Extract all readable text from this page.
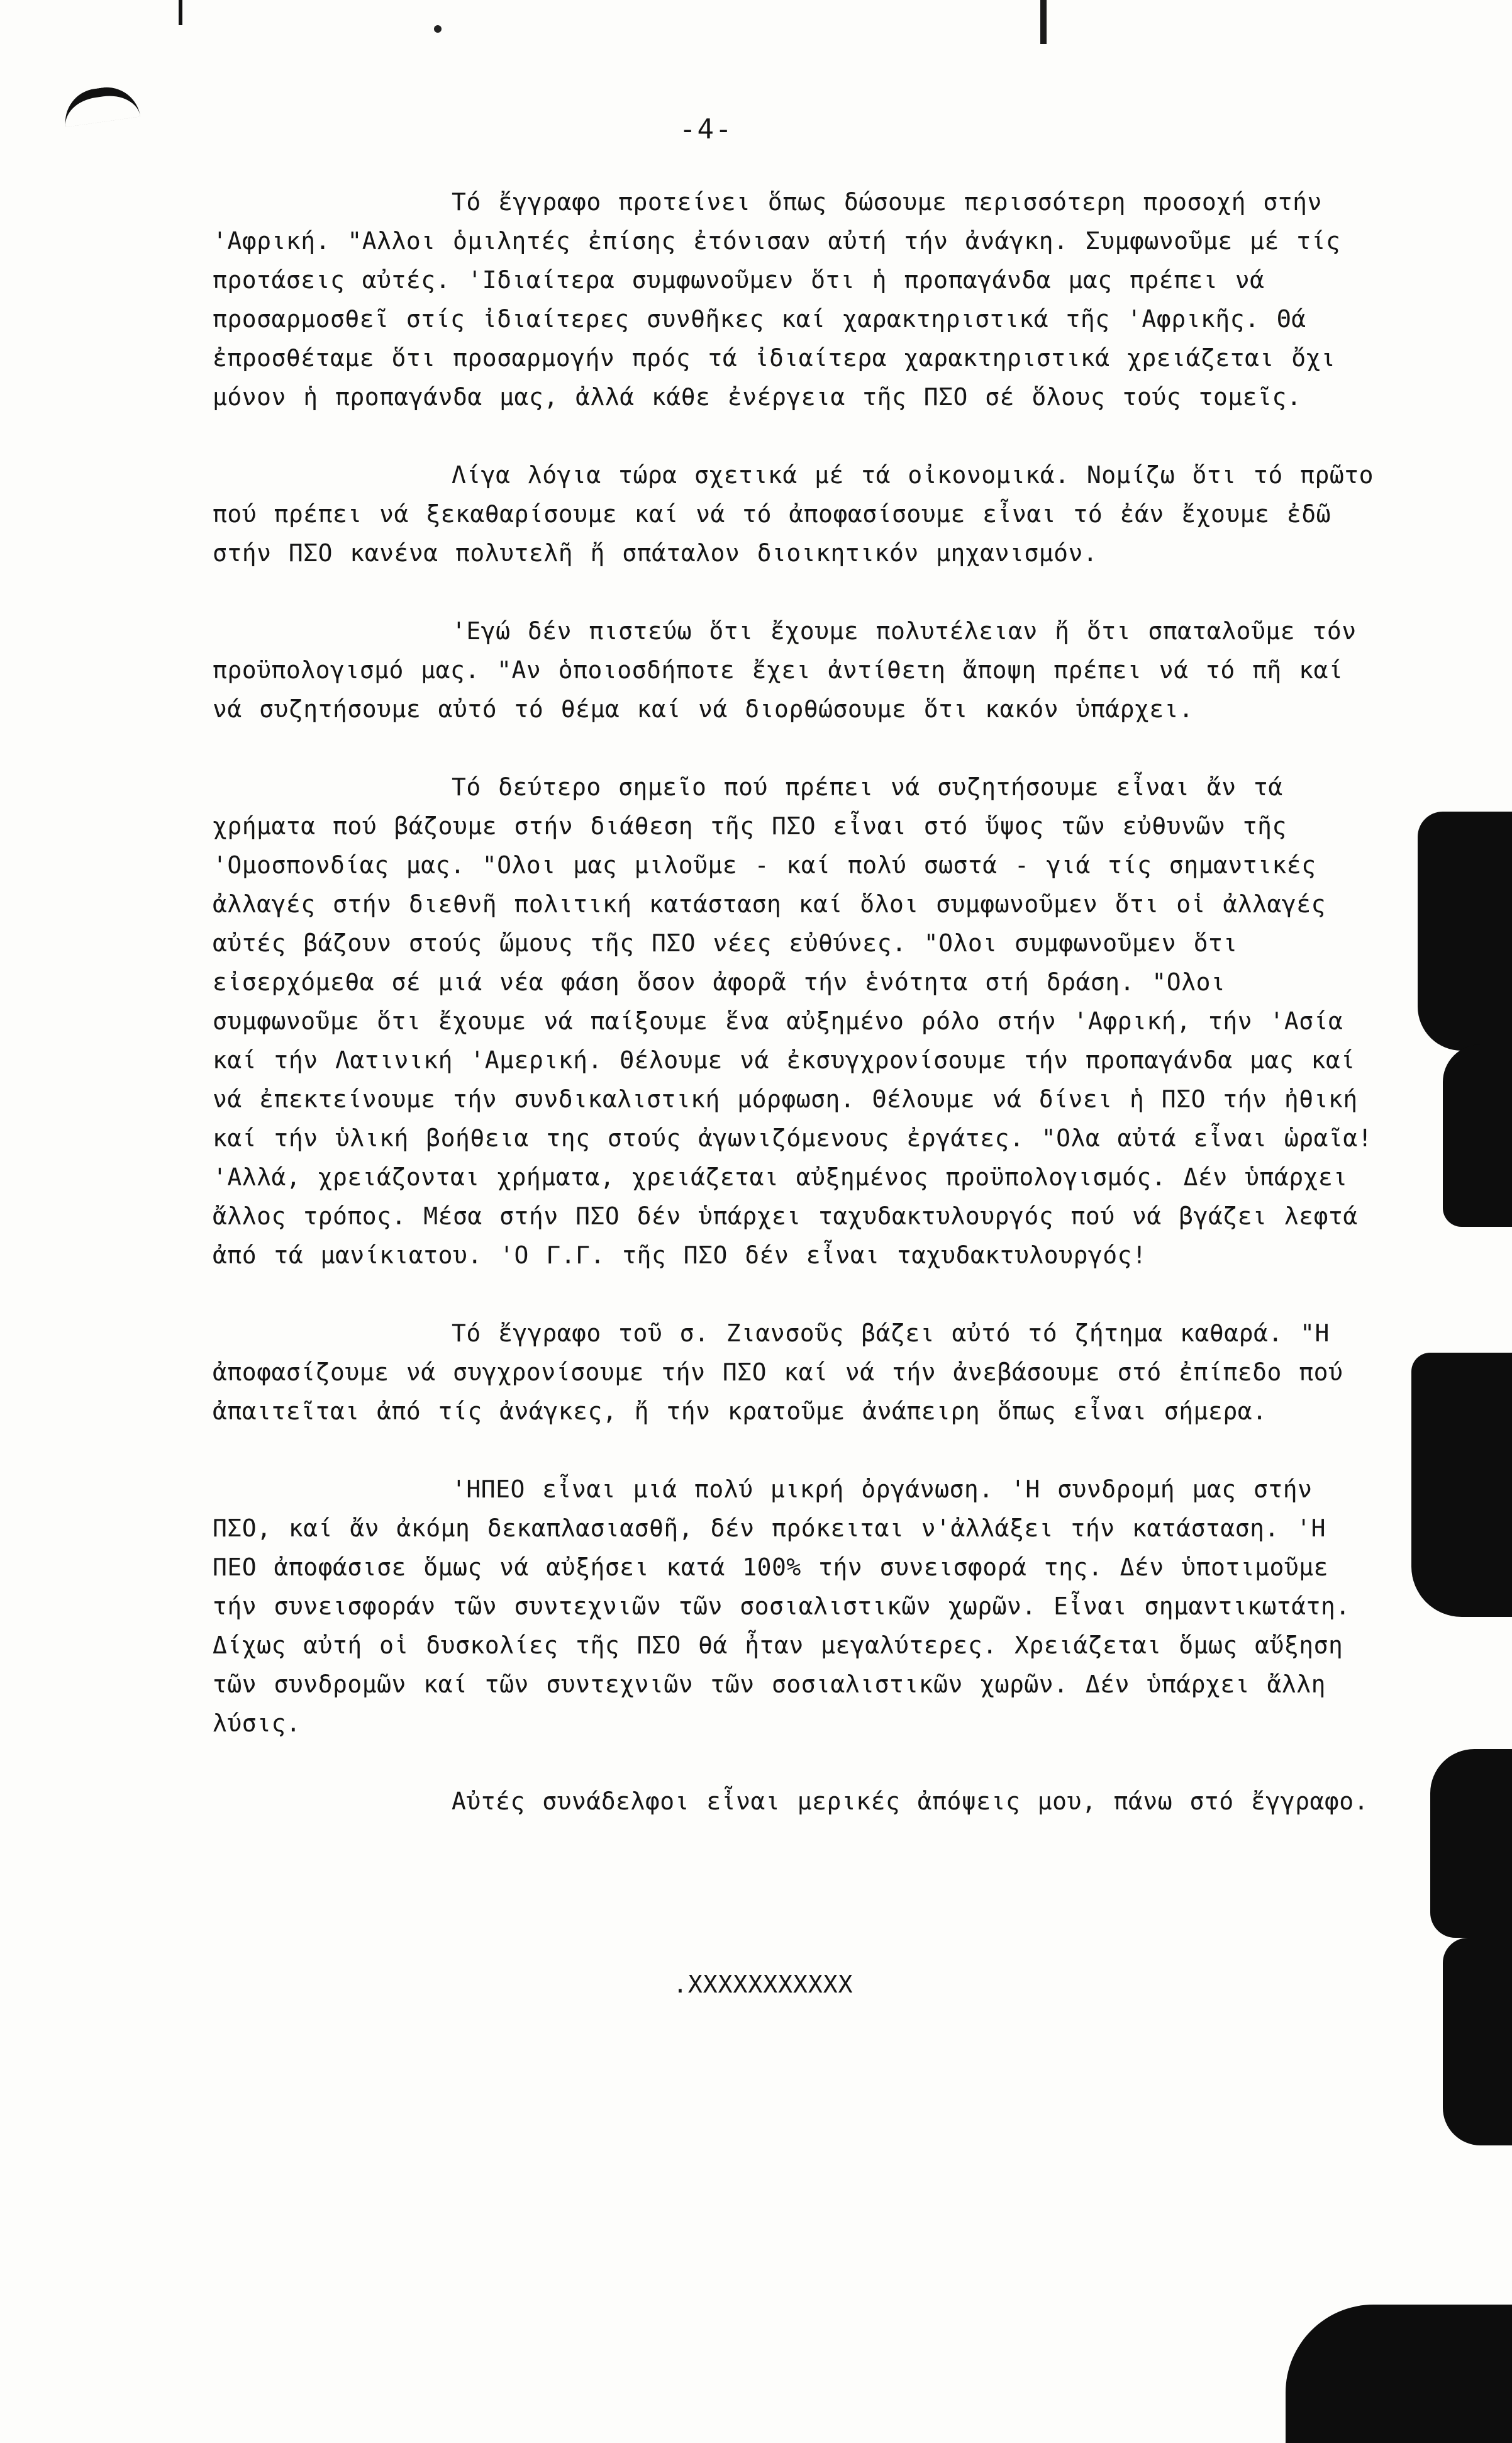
-4-

Τό ἔγγραφο προτείνει ὅπως δώσουμε περισσότερη προσοχή στήν 'Αφρική. "Αλλοι ὁμιλητές ἐπίσης ἐτόνισαν αὐτή τήν ἀνάγκη. Συμφωνοῦμε μέ τίς προτάσεις αὐτές. 'Ιδιαίτερα συμφωνοῦμεν ὅτι ἡ προπαγάνδα μας πρέπει νά προσαρμοσθεῖ στίς ἰδιαίτερες συνθῆκες καί χαρακτηριστικά τῆς 'Αφρικῆς. Θά ἐπροσθέταμε ὅτι προσαρμογήν πρός τά ἰδιαίτερα χαρακτηριστικά χρειάζεται ὄχι μόνον ἡ προπαγάνδα μας, ἀλλά κάθε ἐνέργεια τῆς ΠΣΟ σέ ὅλους τούς τομεῖς.

Λίγα λόγια τώρα σχετικά μέ τά οἰκονομικά. Νομίζω ὅτι τό πρῶτο πού πρέπει νά ξεκαθαρίσουμε καί νά τό ἀποφασίσουμε εἶναι τό ἐάν ἔχουμε ἐδῶ στήν ΠΣΟ κανένα πολυτελῆ ἤ σπάταλον διοικητικόν μηχανισμόν.

'Εγώ δέν πιστεύω ὅτι ἔχουμε πολυτέλειαν ἤ ὅτι σπαταλοῦμε τόν προϋπολογισμό μας. "Αν ὁποιοσδήποτε ἔχει ἀντίθετη ἄποψη πρέπει νά τό πῆ καί νά συζητήσουμε αὐτό τό θέμα καί νά διορθώσουμε ὅτι κακόν ὑπάρχει.

Τό δεύτερο σημεῖο πού πρέπει νά συζητήσουμε εἶναι ἄν τά χρήματα πού βάζουμε στήν διάθεση τῆς ΠΣΟ εἶναι στό ὕψος τῶν εὐθυνῶν τῆς 'Ομοσπονδίας μας. "Ολοι μας μιλοῦμε - καί πολύ σωστά - γιά τίς σημαντικές ἀλλαγές στήν διεθνῆ πολιτική κατάσταση καί ὅλοι συμφωνοῦμεν ὅτι οἱ ἀλλαγές αὐτές βάζουν στούς ὤμους τῆς ΠΣΟ νέες εὐθύνες. "Ολοι συμφωνοῦμεν ὅτι εἰσερχόμεθα σέ μιά νέα φάση ὅσον ἀφορᾶ τήν ἑνότητα στή δράση. "Ολοι συμφωνοῦμε ὅτι ἔχουμε νά παίξουμε ἕνα αὐξημένο ρόλο στήν 'Αφρική, τήν 'Ασία καί τήν Λατινική 'Αμερική. Θέλουμε νά ἐκσυγχρονίσουμε τήν προπαγάνδα μας καί νά ἐπεκτείνουμε τήν συνδικαλιστική μόρφωση. Θέλουμε νά δίνει ἡ ΠΣΟ τήν ἠθική καί τήν ὑλική βοήθεια της στούς ἀγωνιζόμενους ἐργάτες. "Ολα αὐτά εἶναι ὡραῖα! 'Αλλά, χρειάζονται χρήματα, χρειάζεται αὐξημένος προϋπολογισμός. Δέν ὑπάρχει ἄλλος τρόπος. Μέσα στήν ΠΣΟ δέν ὑπάρχει ταχυδακτυλουργός πού νά βγάζει λεφτά ἀπό τά μανίκιατου. 'Ο Γ.Γ. τῆς ΠΣΟ δέν εἶναι ταχυδακτυλουργός!

Τό ἔγγραφο τοῦ σ. Ζιανσοῦς βάζει αὐτό τό ζήτημα καθαρά. "Η ἀποφασίζουμε νά συγχρονίσουμε τήν ΠΣΟ καί νά τήν ἀνεβάσουμε στό ἐπίπεδο πού ἀπαιτεῖται ἀπό τίς ἀνάγκες, ἤ τήν κρατοῦμε ἀνάπειρη ὅπως εἶναι σήμερα.

'ΗΠΕΟ εἶναι μιά πολύ μικρή ὀργάνωση. 'Η συνδρομή μας στήν ΠΣΟ, καί ἄν ἀκόμη δεκαπλασιασθῆ, δέν πρόκειται ν'ἀλλάξει τήν κατάσταση. 'Η ΠΕΟ ἀποφάσισε ὅμως νά αὐξήσει κατά 100% τήν συνεισφορά της. Δέν ὑποτιμοῦμε τήν συνεισφοράν τῶν συντεχνιῶν τῶν σοσιαλιστικῶν χωρῶν. Εἶναι σημαντικωτάτη. Δίχως αὐτή οἱ δυσκολίες τῆς ΠΣΟ θά ἦταν μεγαλύτερες. Χρειάζεται ὅμως αὔξηση τῶν συνδρομῶν καί τῶν συντεχνιῶν τῶν σοσιαλιστικῶν χωρῶν. Δέν ὑπάρχει ἄλλη λύσις.

Αὐτές συνάδελφοι εἶναι μερικές ἀπόψεις μου, πάνω στό ἔγγραφο.

.XXXXXXXXXXX
